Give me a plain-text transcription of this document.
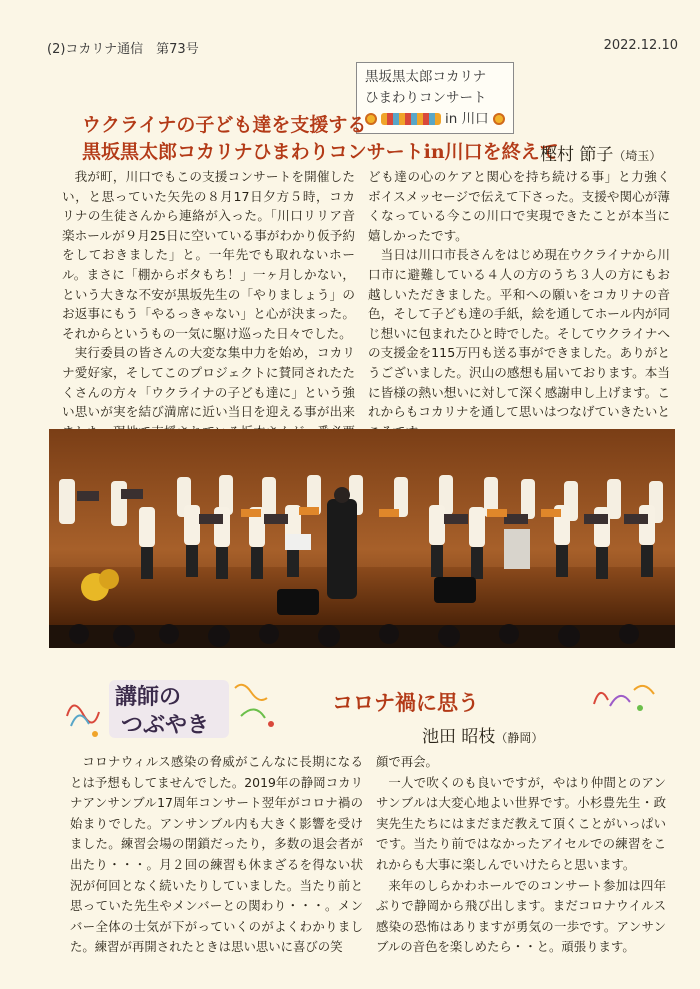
(2)コカリナ通信　第73号	2022.12.10
黒坂黒太郎コカリナ
ひまわりコンサート
in 川口
ウクライナの子ども達を支援する
黒坂黒太郎コカリナひまわりコンサートin川口を終えて
樫村 節子（埼玉）

我が町，川口でもこの支援コンサートを開催したい，と思っていた矢先の８月17日夕方５時，コカリナの生徒さんから連絡が入った。「川口リリア音楽ホールが９月25日に空いている事がわかり仮予約をしておきました」と。一年先でも取れないホール。まさに「棚からボタもち！」一ヶ月しかない，という大きな不安が黒坂先生の「やりましょう」のお返事にもう「やるっきゃない」と心が決まった。それからというもの一気に駆け巡った日々でした。

実行委員の皆さんの大変な集中力を始め，コカリナ愛好家，そしてこのプロジェクトに賛同されたたくさんの方々「ウクライナの子ども達に」という強い思いが実を結び満席に近い当日を迎える事が出来

ども達の心のケアと関心を持ち続ける事」と力強くボイスメッセージで伝えて下さった。支援や関心が薄くなっている今この川口で実現できたことが本当に嬉しかったです。

当日は川口市長さんをはじめ現在ウクライナから川口市に避難している４人の方のうち３人の方にもお越しいただきました。平和への願いをコカリナの音色，そして子ども達の手紙，絵を通してホール内が同じ想いに包まれたひと時でした。そしてウクライナへの支援金を115万円も送る事ができました。ありがとうございました。沢山の感想も届いております。本当に皆様の熱い想いに対して深く感謝申し上げます。これからもコカリナを通して思いはつなげていきたいと

講師の
つぶやき
コロナ禍に思う
池田 昭枝（静岡）

コロナウィルス感染の脅威がこんなに長期になるとは予想もしてませんでした。2019年の静岡コカリナアンサンブル17周年コンサート翌年がコロナ禍の始まりでした。アンサンブル内も大きく影響を受けました。練習会場の閉鎖だったり，多数の退会者が出たり・・・。月２回の練習も休まざるを得ない状況が何回となく続いたりしていました。当たり前と思っていた先生やメンバーとの関わり・・・。メンバー全体の士気が下がっていくのがよくわかりました。練習が再開されたときは思い思いに喜びの笑

顔で再会。

一人で吹くのも良いですが，やはり仲間とのアンサンブルは大変心地よい世界です。小杉豊先生・政実先生たちにはまだまだ教えて頂くことがいっぱいです。当たり前ではなかったアイセルでの練習をこれからも大事に楽しんでいけたらと思います。

来年のしらかわホールでのコンサート参加は四年ぶりで静岡から飛び出します。まだコロナウイルス感染の恐怖はありますが勇気の一歩です。アンサンブルの音色を楽しめたら・・と。頑張ります。
